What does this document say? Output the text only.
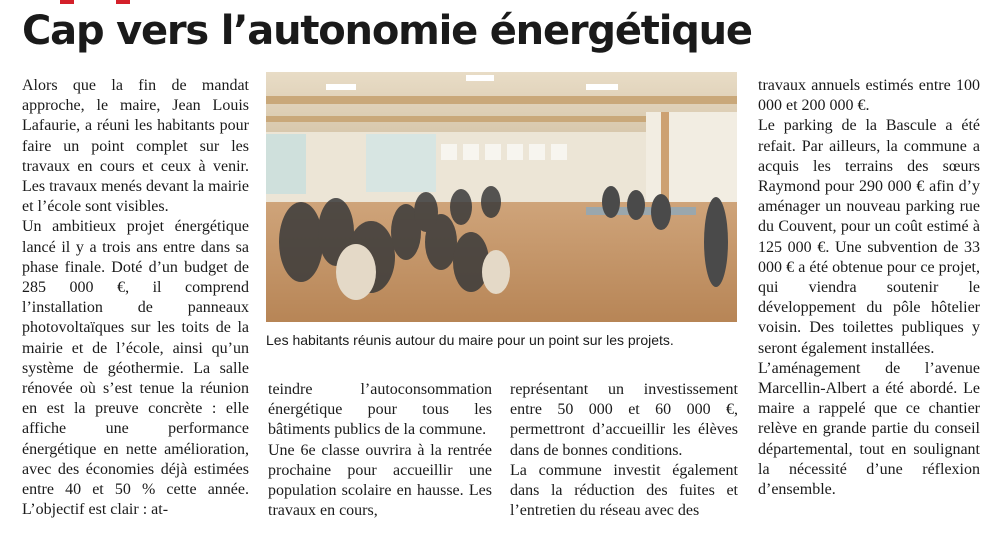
Cap vers l’autonomie énergétique

Alors que la fin de mandat approche, le maire, Jean Louis Lafaurie, a réuni les habitants pour faire un point complet sur les travaux en cours et ceux à venir. Les travaux menés devant la mairie et l’école sont visibles.

Un ambitieux projet énergétique lancé il y a trois ans entre dans sa phase finale. Doté d’un budget de 285 000 €, il comprend l’installation de panneaux photovoltaïques sur les toits de la mairie et de l’école, ainsi qu’un système de géothermie. La salle rénovée où s’est tenue la réunion en est la preuve concrète : elle affiche une performance énergétique en nette amélioration, avec des économies déjà estimées entre 40 et 50 % cette année. L’objectif est clair : at-

Les habitants réunis autour du maire pour un point sur les projets.

teindre l’autoconsommation énergétique pour tous les bâtiments publics de la commune.

Une 6e classe ouvrira à la rentrée prochaine pour accueillir une population scolaire en hausse. Les travaux en cours,

représentant un investissement entre 50 000 et 60 000 €, permettront d’accueillir les élèves dans de bonnes conditions.

La commune investit également dans la réduction des fuites et l’entretien du réseau avec des

travaux annuels estimés entre 100 000 et 200 000 €.

Le parking de la Bascule a été refait. Par ailleurs, la commune a acquis les terrains des sœurs Raymond pour 290 000 € afin d’y aménager un nouveau parking rue du Couvent, pour un coût estimé à 125 000 €. Une subvention de 33 000 € a été obtenue pour ce projet, qui viendra soutenir le développement du pôle hôtelier voisin. Des toilettes publiques y seront également installées.

L’aménagement de l’avenue Marcellin-Albert a été abordé. Le maire a rappelé que ce chantier relève en grande partie du conseil départemental, tout en soulignant la nécessité d’une réflexion d’ensemble.
